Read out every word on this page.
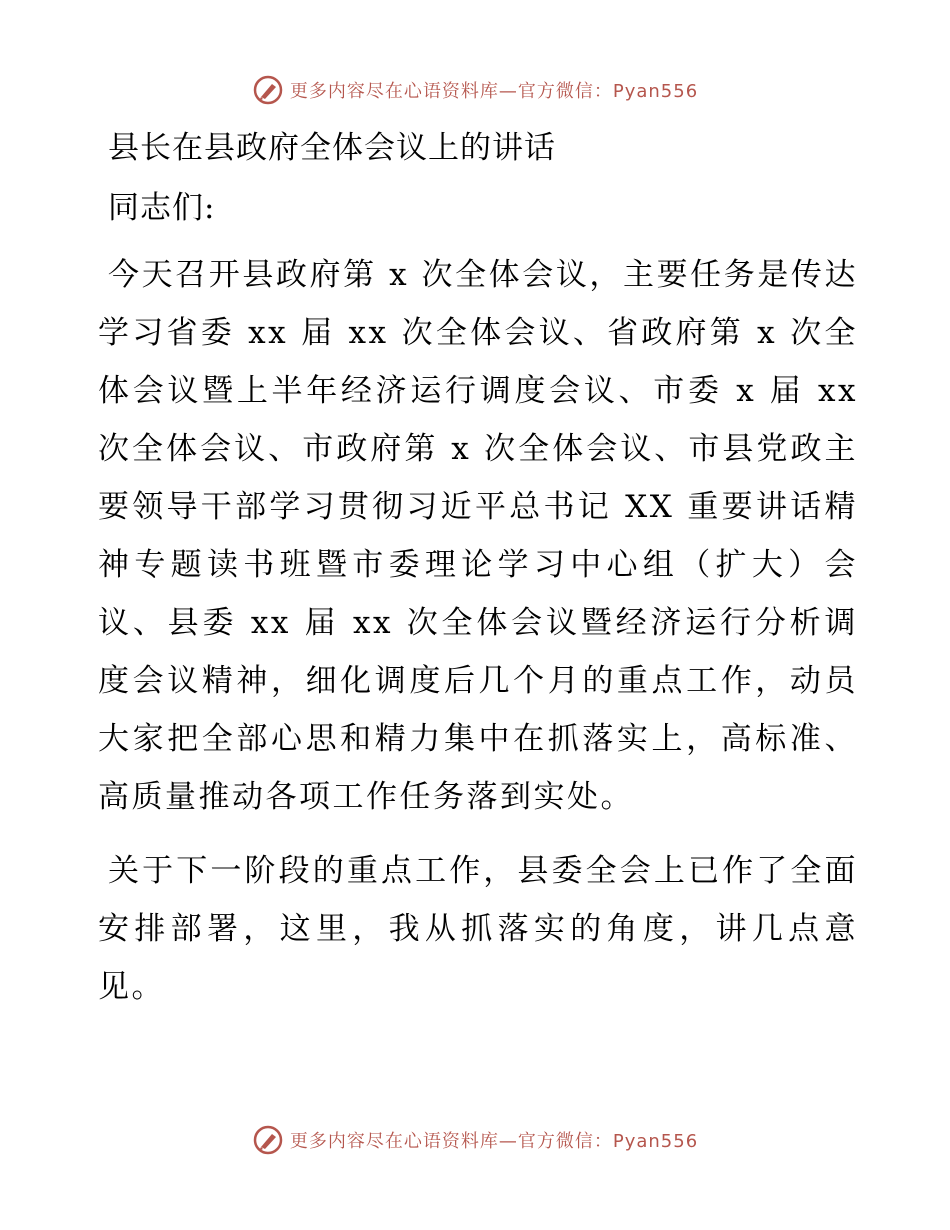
更多内容尽在心语资料库—官方微信：Pyan556
县长在县政府全体会议上的讲话

同志们:

今天召开县政府第 x 次全体会议，主要任务是传达学习省委 xx 届 xx 次全体会议、省政府第 x 次全体会议暨上半年经济运行调度会议、市委 x 届 xx 次全体会议、市政府第 x 次全体会议、市县党政主要领导干部学习贯彻习近平总书记 XX 重要讲话精神专题读书班暨市委理论学习中心组（扩大）会议、县委 xx 届 xx 次全体会议暨经济运行分析调度会议精神，细化调度后几个月的重点工作，动员大家把全部心思和精力集中在抓落实上，高标准、高质量推动各项工作任务落到实处。

关于下一阶段的重点工作，县委全会上已作了全面安排部署，这里，我从抓落实的角度，讲几点意见。

更多内容尽在心语资料库—官方微信：Pyan556
